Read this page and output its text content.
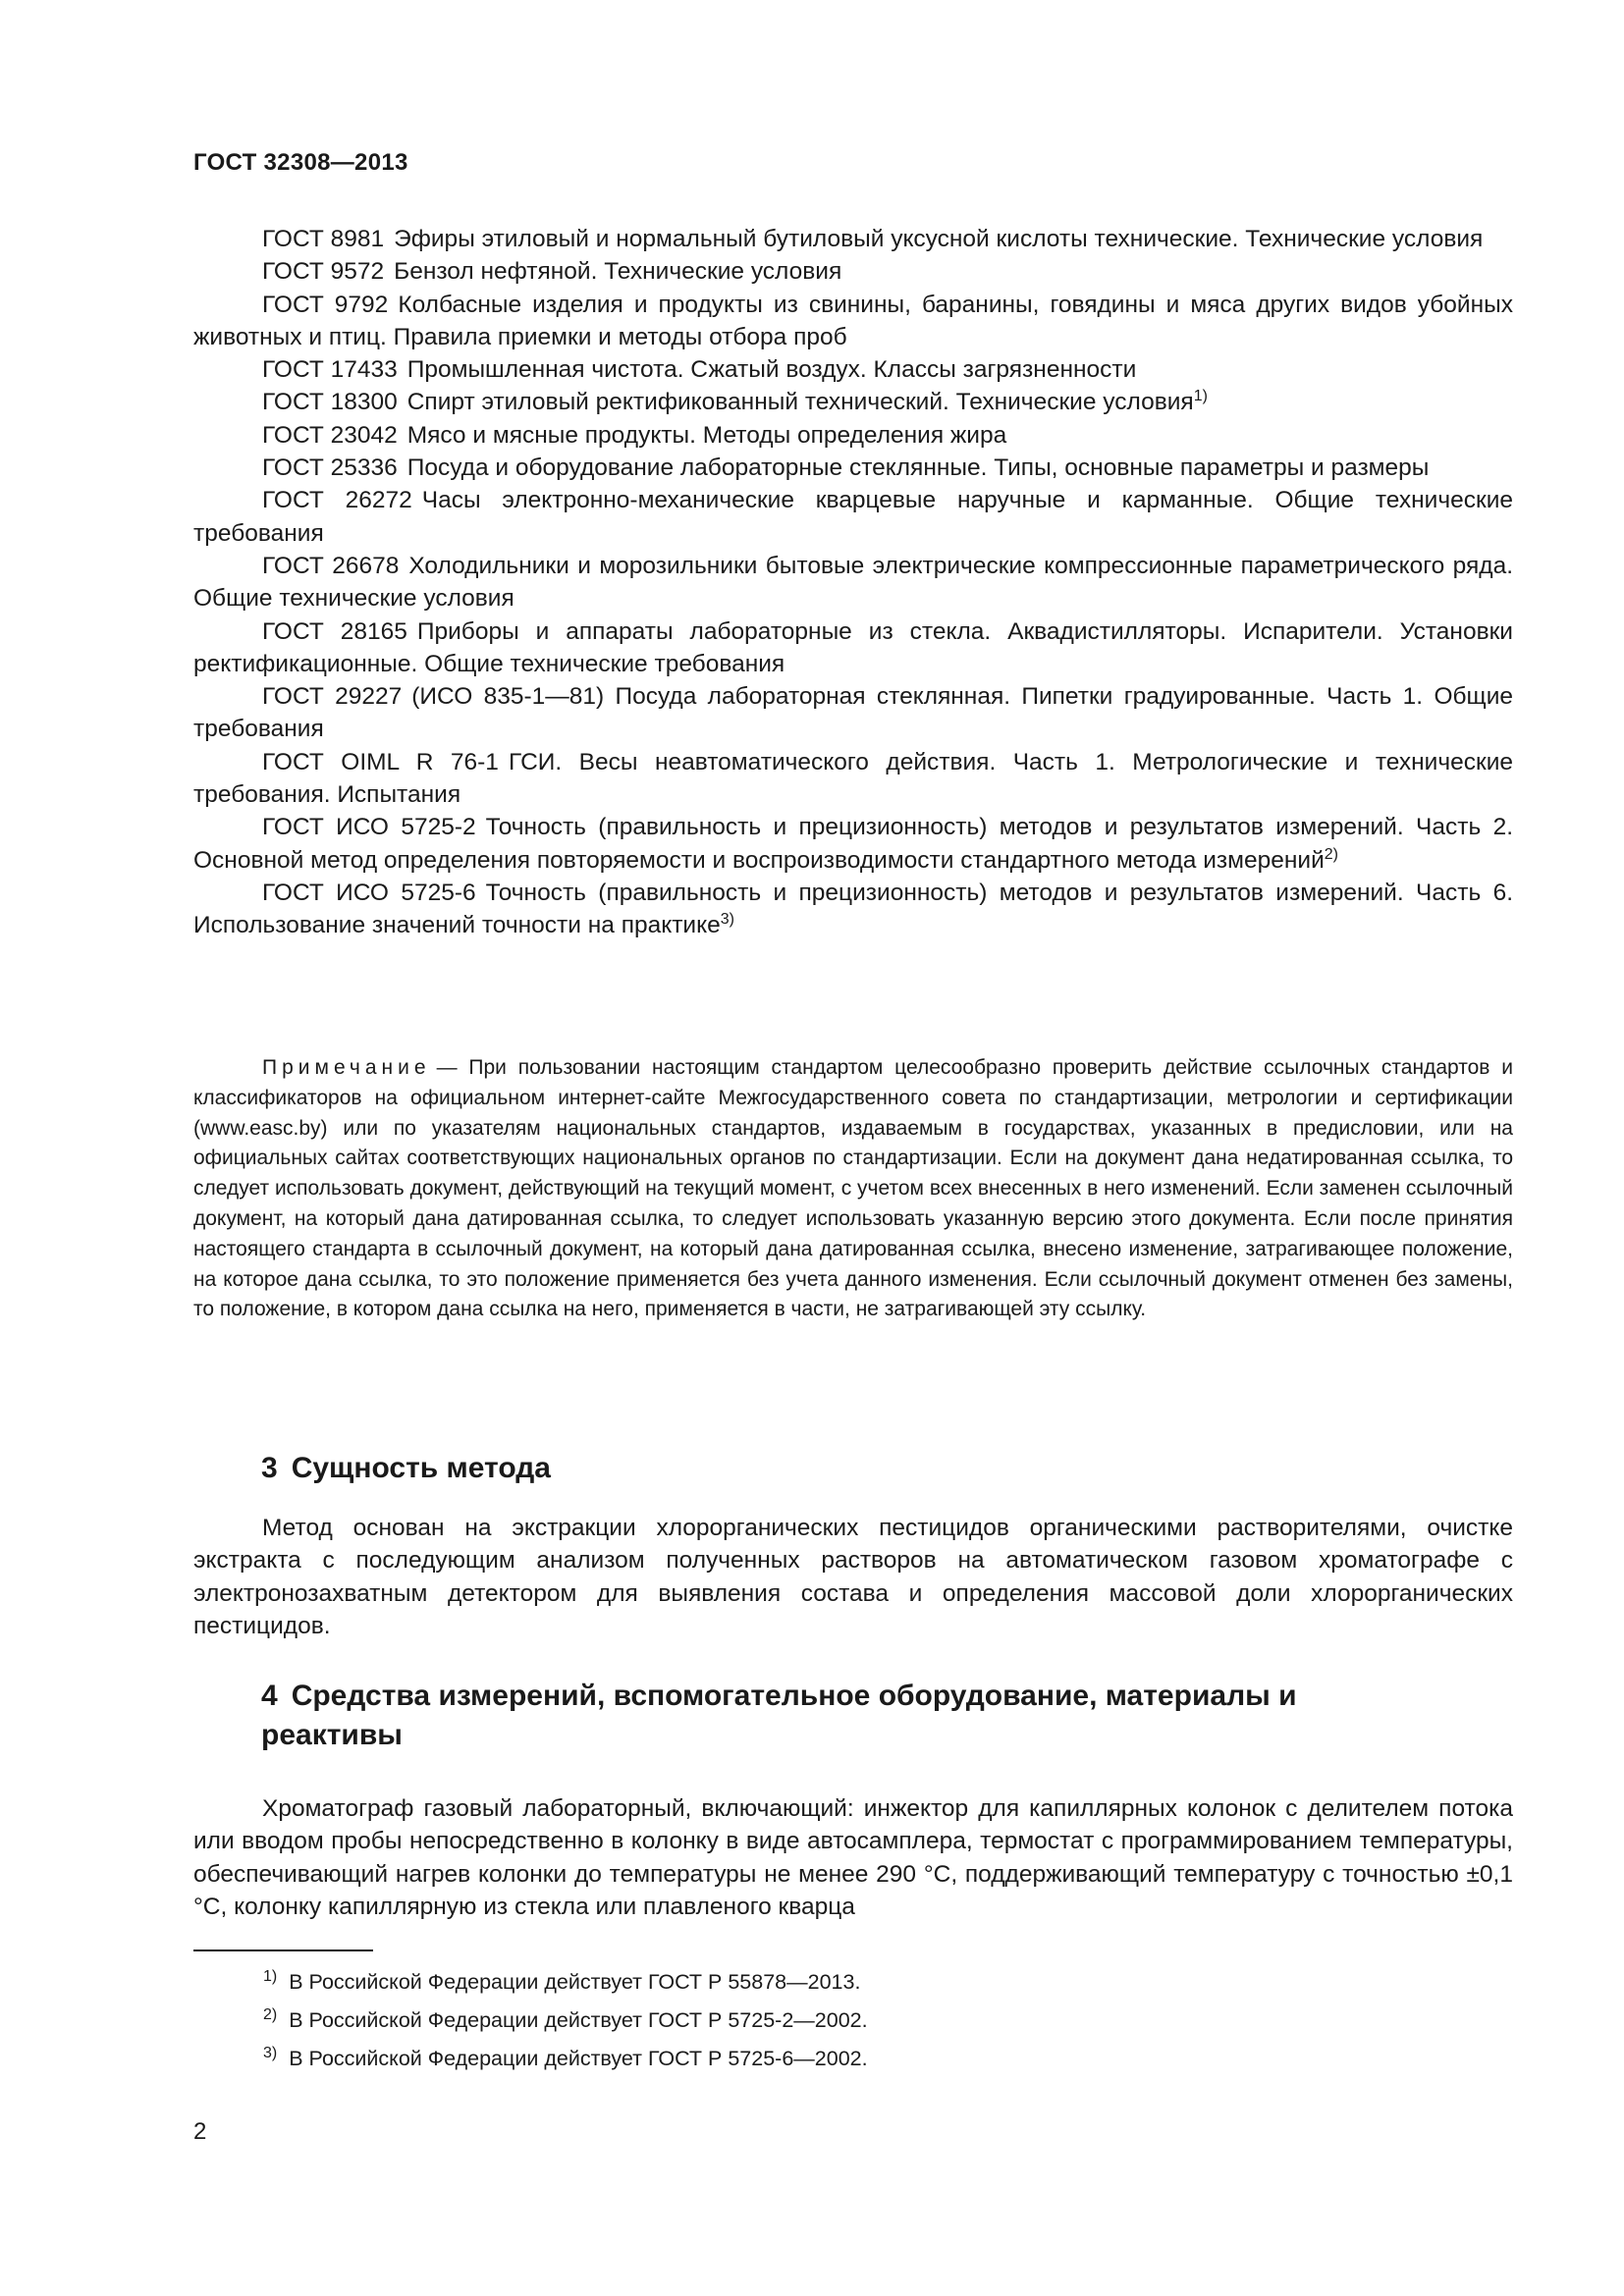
ГОСТ 32308—2013

ГОСТ 8981 Эфиры этиловый и нормальный бутиловый уксусной кислоты технические. Технические условия

ГОСТ 9572 Бензол нефтяной. Технические условия

ГОСТ 9792 Колбасные изделия и продукты из свинины, баранины, говядины и мяса других видов убойных животных и птиц. Правила приемки и методы отбора проб

ГОСТ 17433 Промышленная чистота. Сжатый воздух. Классы загрязненности

ГОСТ 18300 Спирт этиловый ректификованный технический. Технические условия$^{1)}$

ГОСТ 23042 Мясо и мясные продукты. Методы определения жира

ГОСТ 25336 Посуда и оборудование лабораторные стеклянные. Типы, основные параметры и размеры

ГОСТ 26272 Часы электронно-механические кварцевые наручные и карманные. Общие технические требования

ГОСТ 26678 Холодильники и морозильники бытовые электрические компрессионные параметрического ряда. Общие технические условия

ГОСТ 28165 Приборы и аппараты лабораторные из стекла. Аквадистилляторы. Испарители. Установки ректификационные. Общие технические требования

ГОСТ 29227 (ИСО 835-1—81) Посуда лабораторная стеклянная. Пипетки градуированные. Часть 1. Общие требования

ГОСТ OIML R 76-1 ГСИ. Весы неавтоматического действия. Часть 1. Метрологические и технические требования. Испытания

ГОСТ ИСО 5725-2 Точность (правильность и прецизионность) методов и результатов измерений. Часть 2. Основной метод определения повторяемости и воспроизводимости стандартного метода измерений$^{2)}$

ГОСТ ИСО 5725-6 Точность (правильность и прецизионность) методов и результатов измерений. Часть 6. Использование значений точности на практике$^{3)}$

Примечание — При пользовании настоящим стандартом целесообразно проверить действие ссылочных стандартов и классификаторов на официальном интернет-сайте Межгосударственного совета по стандартизации, метрологии и сертификации (www.easc.by) или по указателям национальных стандартов, издаваемым в государствах, указанных в предисловии, или на официальных сайтах соответствующих национальных органов по стандартизации. Если на документ дана недатированная ссылка, то следует использовать документ, действующий на текущий момент, с учетом всех внесенных в него изменений. Если заменен ссылочный документ, на который дана датированная ссылка, то следует использовать указанную версию этого документа. Если после принятия настоящего стандарта в ссылочный документ, на который дана датированная ссылка, внесено изменение, затрагивающее положение, на которое дана ссылка, то это положение применяется без учета данного изменения. Если ссылочный документ отменен без замены, то положение, в котором дана ссылка на него, применяется в части, не затрагивающей эту ссылку.

3 Сущность метода

Метод основан на экстракции хлорорганических пестицидов органическими растворителями, очистке экстракта с последующим анализом полученных растворов на автоматическом газовом хроматографе с электронозахватным детектором для выявления состава и определения массовой доли хлорорганических пестицидов.

4 Средства измерений, вспомогательное оборудование, материалы и реактивы

Хроматограф газовый лабораторный, включающий: инжектор для капиллярных колонок с делителем потока или вводом пробы непосредственно в колонку в виде автосамплера, термостат с программированием температуры, обеспечивающий нагрев колонки до температуры не менее 290 °С, поддерживающий температуру с точностью ±0,1 °С, колонку капиллярную из стекла или плавленого кварца

$^{1)}$ В Российской Федерации действует ГОСТ Р 55878—2013.

$^{2)}$ В Российской Федерации действует ГОСТ Р 5725-2—2002.

$^{3)}$ В Российской Федерации действует ГОСТ Р 5725-6—2002.

2
